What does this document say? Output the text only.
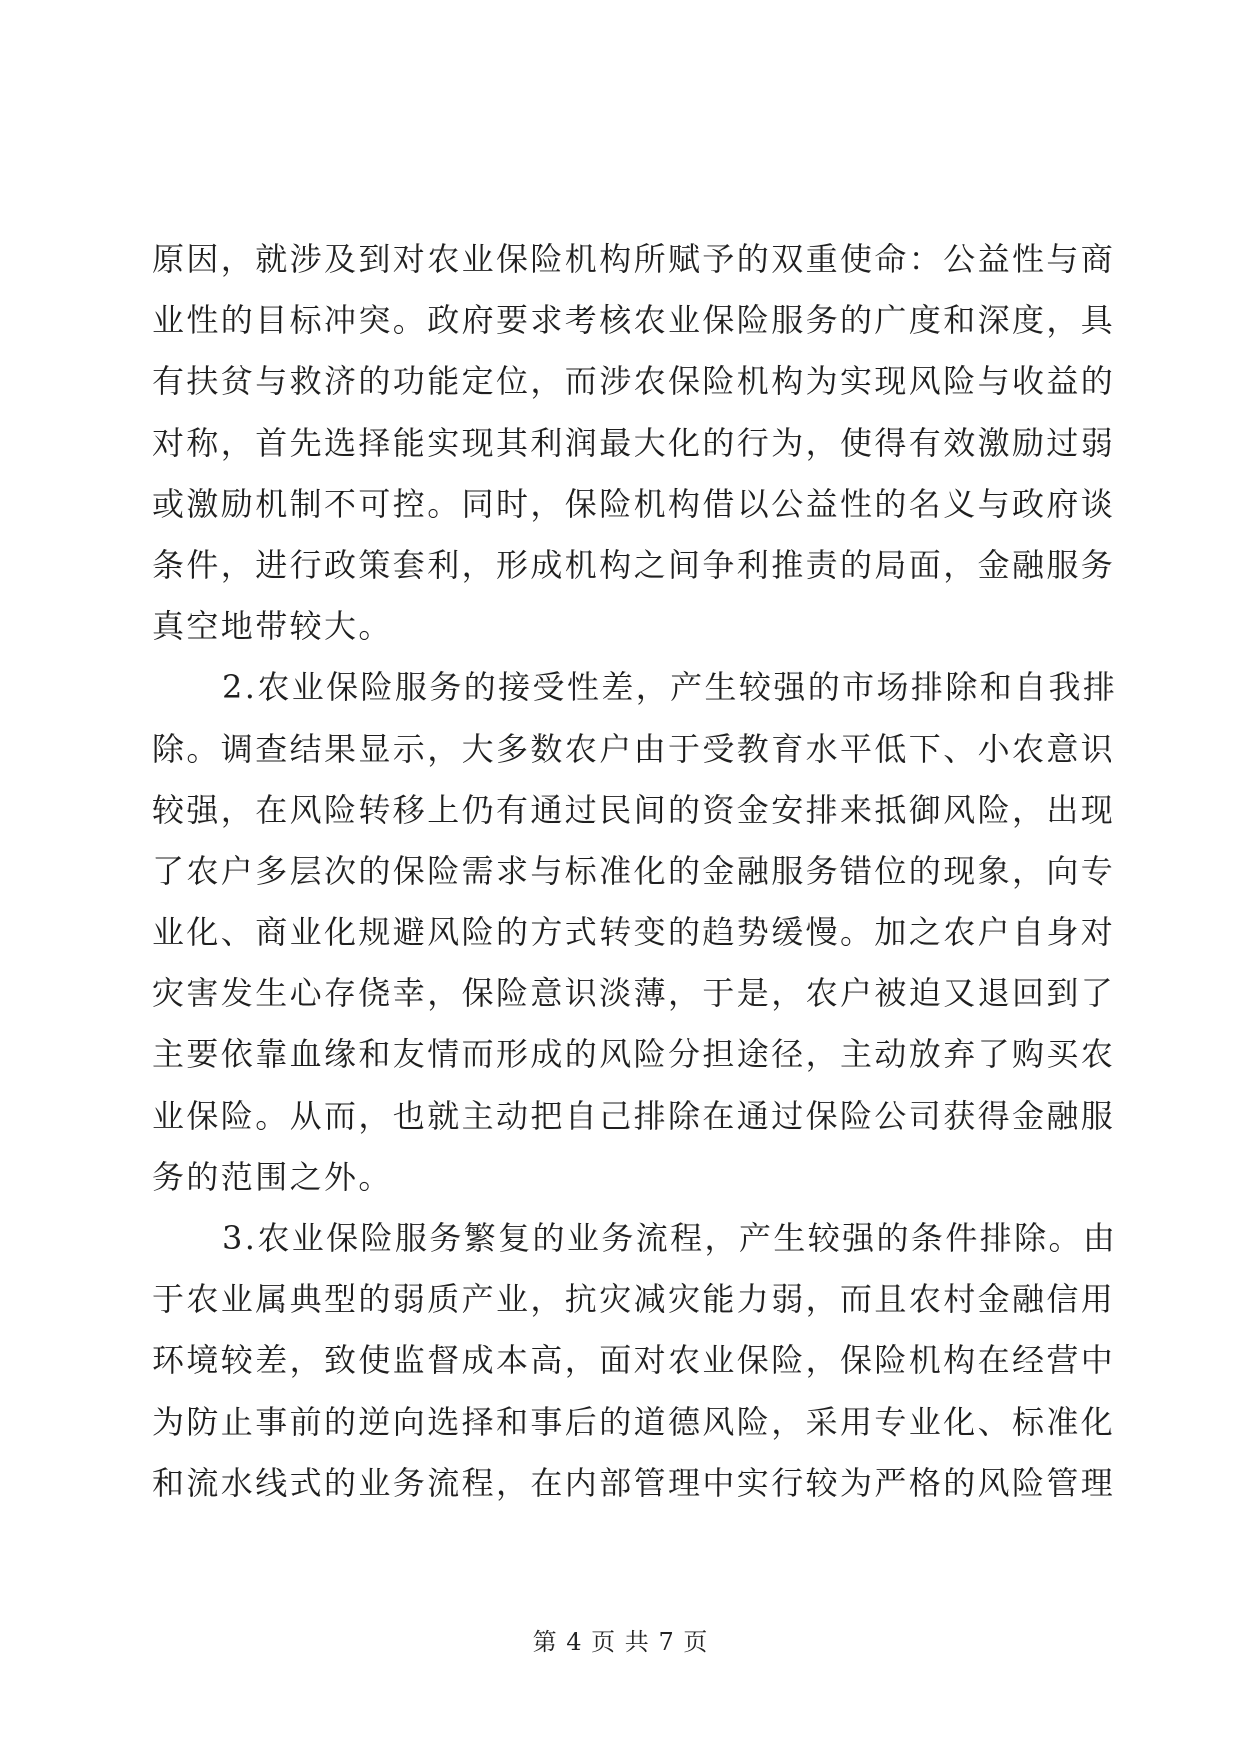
原因，就涉及到对农业保险机构所赋予的双重使命：公益性与商
业性的目标冲突。政府要求考核农业保险服务的广度和深度，具
有扶贫与救济的功能定位，而涉农保险机构为实现风险与收益的
对称，首先选择能实现其利润最大化的行为，使得有效激励过弱
或激励机制不可控。同时，保险机构借以公益性的名义与政府谈
条件，进行政策套利，形成机构之间争利推责的局面，金融服务
真空地带较大。
2.农业保险服务的接受性差，产生较强的市场排除和自我排
除。调查结果显示，大多数农户由于受教育水平低下、小农意识
较强，在风险转移上仍有通过民间的资金安排来抵御风险，出现
了农户多层次的保险需求与标准化的金融服务错位的现象，向专
业化、商业化规避风险的方式转变的趋势缓慢。加之农户自身对
灾害发生心存侥幸，保险意识淡薄，于是，农户被迫又退回到了
主要依靠血缘和友情而形成的风险分担途径，主动放弃了购买农
业保险。从而，也就主动把自己排除在通过保险公司获得金融服
务的范围之外。
3.农业保险服务繁复的业务流程，产生较强的条件排除。由
于农业属典型的弱质产业，抗灾减灾能力弱，而且农村金融信用
环境较差，致使监督成本高，面对农业保险，保险机构在经营中
为防止事前的逆向选择和事后的道德风险，采用专业化、标准化
和流水线式的业务流程，在内部管理中实行较为严格的风险管理
第 4 页 共 7 页
